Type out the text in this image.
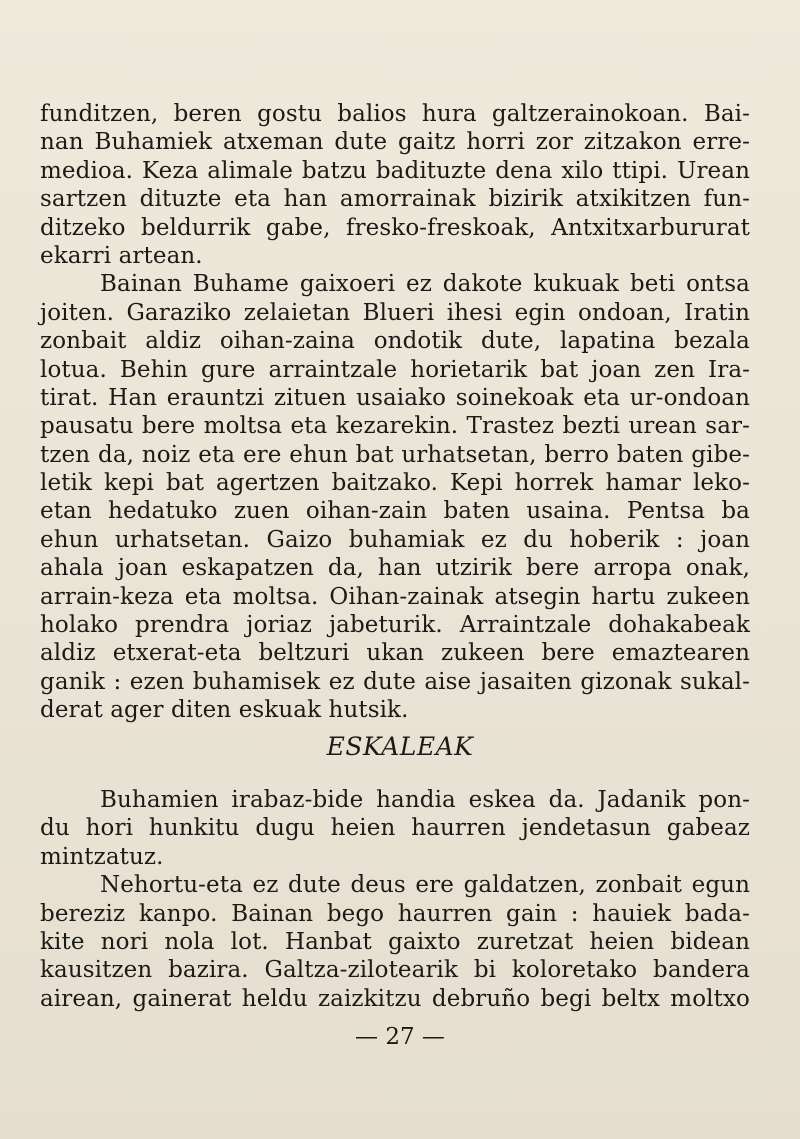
funditzen, beren gostu balios hura galtzerainokoan. Bai-
nan Buhamiek atxeman dute gaitz horri zor zitzakon erre-
medioa. Keza alimale batzu badituzte dena xilo ttipi. Urean
sartzen dituzte eta han amorrainak bizirik atxikitzen fun-
ditzeko beldurrik gabe, fresko-freskoak, Antxitxarbururat
ekarri artean.
Bainan Buhame gaixoeri ez dakote kukuak beti ontsa
joiten. Garaziko zelaietan Blueri ihesi egin ondoan, Iratin
zonbait aldiz oihan-zaina ondotik dute, lapatina bezala
lotua. Behin gure arraintzale horietarik bat joan zen Ira-
tirat. Han erauntzi zituen usaiako soinekoak eta ur-ondoan
pausatu bere moltsa eta kezarekin. Trastez bezti urean sar-
tzen da, noiz eta ere ehun bat urhatsetan, berro baten gibe-
letik kepi bat agertzen baitzako. Kepi horrek hamar leko-
etan hedatuko zuen oihan-zain baten usaina. Pentsa ba
ehun urhatsetan. Gaizo buhamiak ez du hoberik : joan
ahala joan eskapatzen da, han utzirik bere arropa onak,
arrain-keza eta moltsa. Oihan-zainak atsegin hartu zukeen
holako prendra joriaz jabeturik. Arraintzale dohakabeak
aldiz etxerat-eta beltzuri ukan zukeen bere emaztearen
ganik : ezen buhamisek ez dute aise jasaiten gizonak sukal-
derat ager diten eskuak hutsik.
ESKALEAK
Buhamien irabaz-bide handia eskea da. Jadanik pon-
du hori hunkitu dugu heien haurren jendetasun gabeaz
mintzatuz.
Nehortu-eta ez dute deus ere galdatzen, zonbait egun
bereziz kanpo. Bainan bego haurren gain : hauiek bada-
kite nori nola lot. Hanbat gaixto zuretzat heien bidean
kausitzen bazira. Galtza-zilotearik bi koloretako bandera
airean, gainerat heldu zaizkitzu debruño begi beltx moltxo
— 27 —
